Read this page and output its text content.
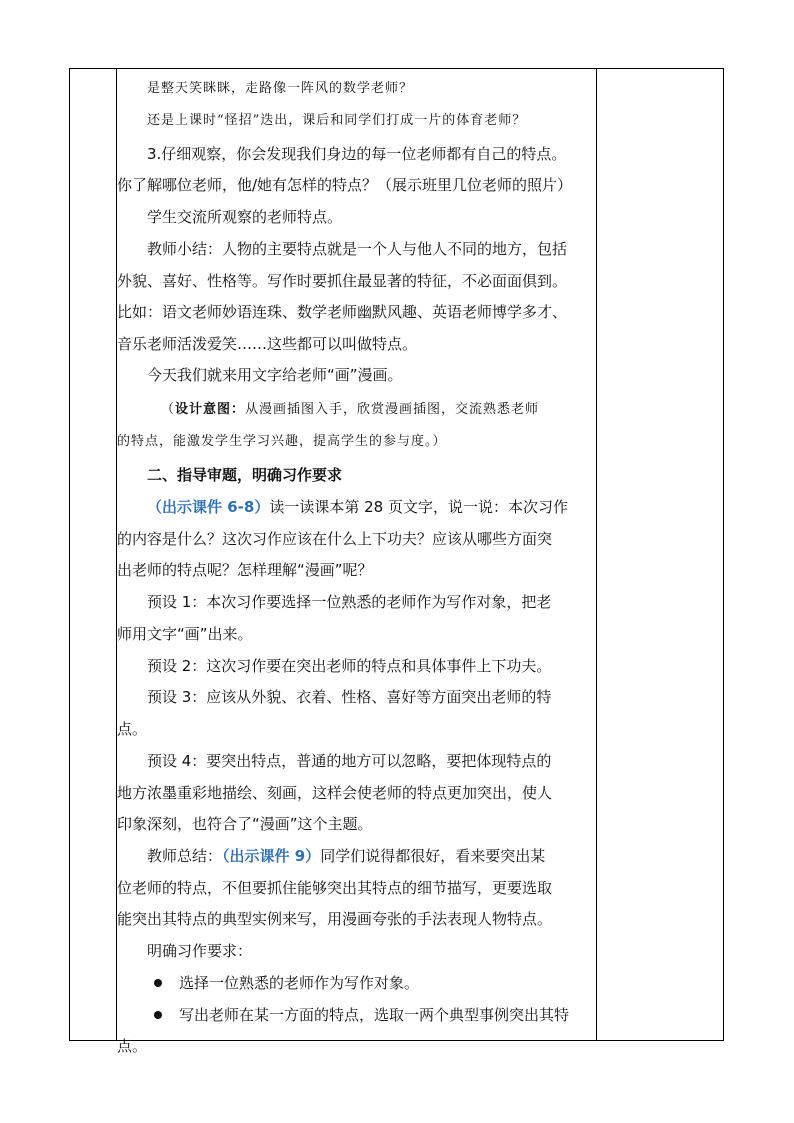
是整天笑眯眯，走路像一阵风的数学老师？
还是上课时“怪招”迭出，课后和同学们打成一片的体育老师？
3.仔细观察，你会发现我们身边的每一位老师都有自己的特点。
你了解哪位老师，他/她有怎样的特点？（展示班里几位老师的照片）
学生交流所观察的老师特点。
教师小结：人物的主要特点就是一个人与他人不同的地方，包括
外貌、喜好、性格等。写作时要抓住最显著的特征，不必面面俱到。
比如：语文老师妙语连珠、数学老师幽默风趣、英语老师博学多才、
音乐老师活泼爱笑……这些都可以叫做特点。
今天我们就来用文字给老师“画”漫画。
（设计意图：从漫画插图入手，欣赏漫画插图，交流熟悉老师
的特点，能激发学生学习兴趣，提高学生的参与度。）
二、指导审题，明确习作要求
（出示课件 6-8）读一读课本第 28 页文字，说一说：本次习作
的内容是什么？这次习作应该在什么上下功夫？应该从哪些方面突
出老师的特点呢？怎样理解“漫画”呢？
预设 1：本次习作要选择一位熟悉的老师作为写作对象，把老
师用文字“画”出来。
预设 2：这次习作要在突出老师的特点和具体事件上下功夫。
预设 3：应该从外貌、衣着、性格、喜好等方面突出老师的特
点。
预设 4：要突出特点，普通的地方可以忽略，要把体现特点的
地方浓墨重彩地描绘、刻画，这样会使老师的特点更加突出，使人
印象深刻，也符合了“漫画”这个主题。
教师总结：（出示课件 9）同学们说得都很好，看来要突出某
位老师的特点，不但要抓住能够突出其特点的细节描写，更要选取
能突出其特点的典型实例来写，用漫画夸张的手法表现人物特点。
明确习作要求：
选择一位熟悉的老师作为写作对象。
写出老师在某一方面的特点，选取一两个典型事例突出其特
点。
